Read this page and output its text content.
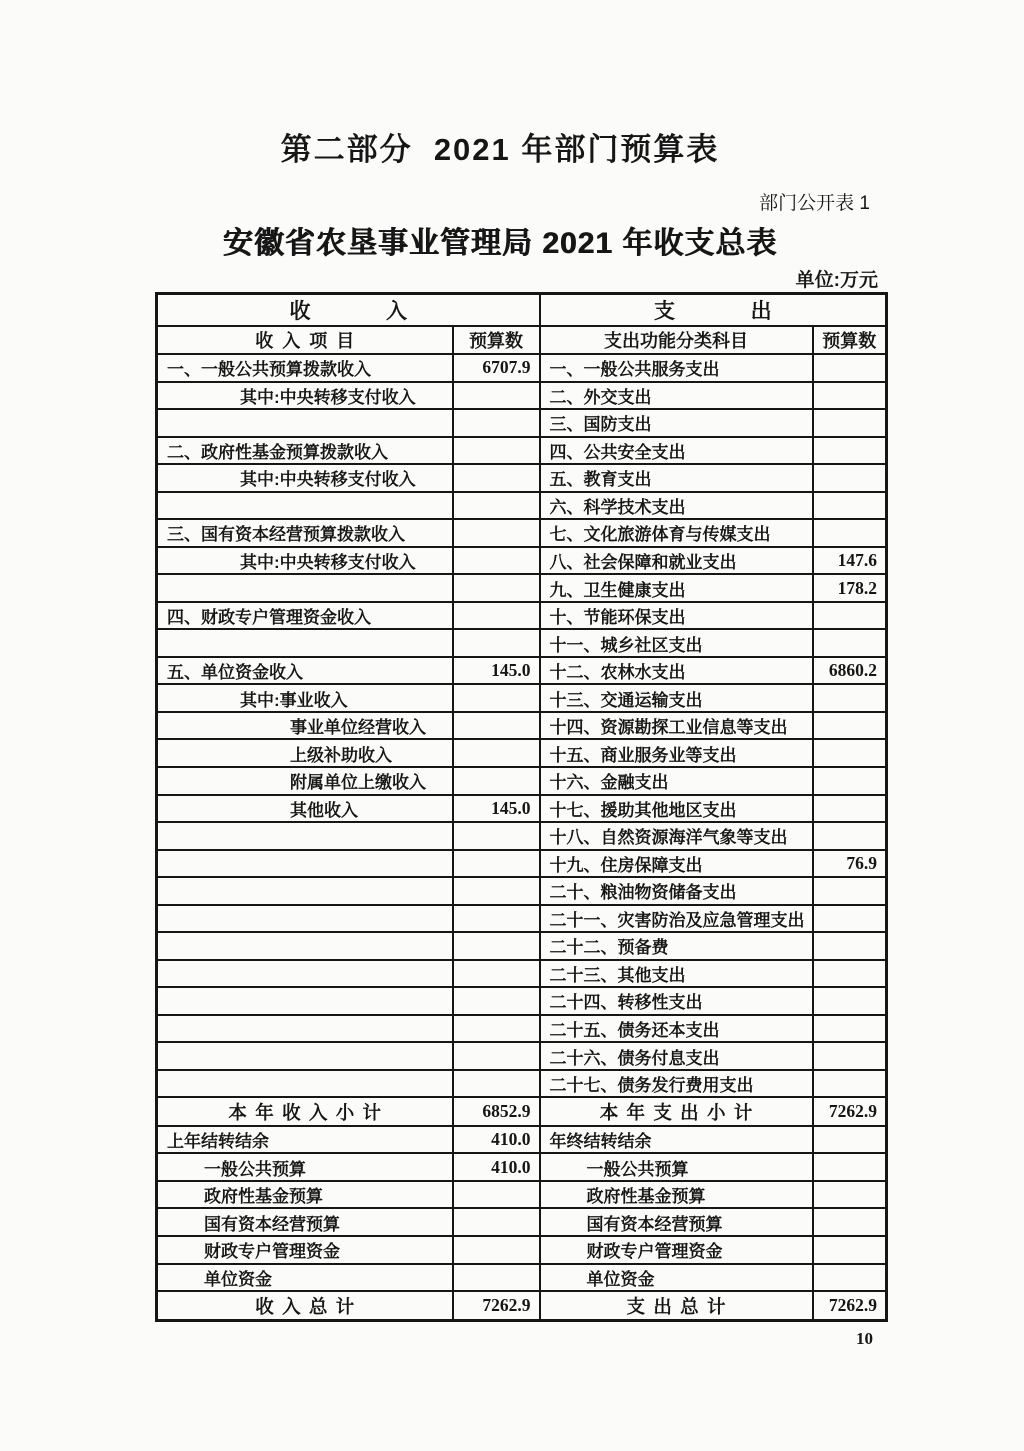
第二部分  2021 年部门预算表
部门公开表 1
安徽省农垦事业管理局 2021 年收支总表
单位:万元
收入		支出	
收入项目	预算数	支出功能分类科目	预算数
一、一般公共预算拨款收入	6707.9	一、一般公共服务支出	
其中:中央转移支付收入		二、外交支出	
		三、国防支出	
二、政府性基金预算拨款收入		四、公共安全支出	
其中:中央转移支付收入		五、教育支出	
		六、科学技术支出	
三、国有资本经营预算拨款收入		七、文化旅游体育与传媒支出	
其中:中央转移支付收入		八、社会保障和就业支出	147.6
		九、卫生健康支出	178.2
四、财政专户管理资金收入		十、节能环保支出	
		十一、城乡社区支出	
五、单位资金收入	145.0	十二、农林水支出	6860.2
其中:事业收入		十三、交通运输支出	
事业单位经营收入		十四、资源勘探工业信息等支出	
上级补助收入		十五、商业服务业等支出	
附属单位上缴收入		十六、金融支出	
其他收入	145.0	十七、援助其他地区支出	
		十八、自然资源海洋气象等支出	
		十九、住房保障支出	76.9
		二十、粮油物资储备支出	
		二十一、灾害防治及应急管理支出	
		二十二、预备费	
		二十三、其他支出	
		二十四、转移性支出	
		二十五、债务还本支出	
		二十六、债务付息支出	
		二十七、债务发行费用支出	
本年收入小计	6852.9	本年支出小计	7262.9
上年结转结余	410.0	年终结转结余	
一般公共预算	410.0	一般公共预算	
政府性基金预算		政府性基金预算	
国有资本经营预算		国有资本经营预算	
财政专户管理资金		财政专户管理资金	
单位资金		单位资金	
收入总计	7262.9	支出总计	7262.9
10
